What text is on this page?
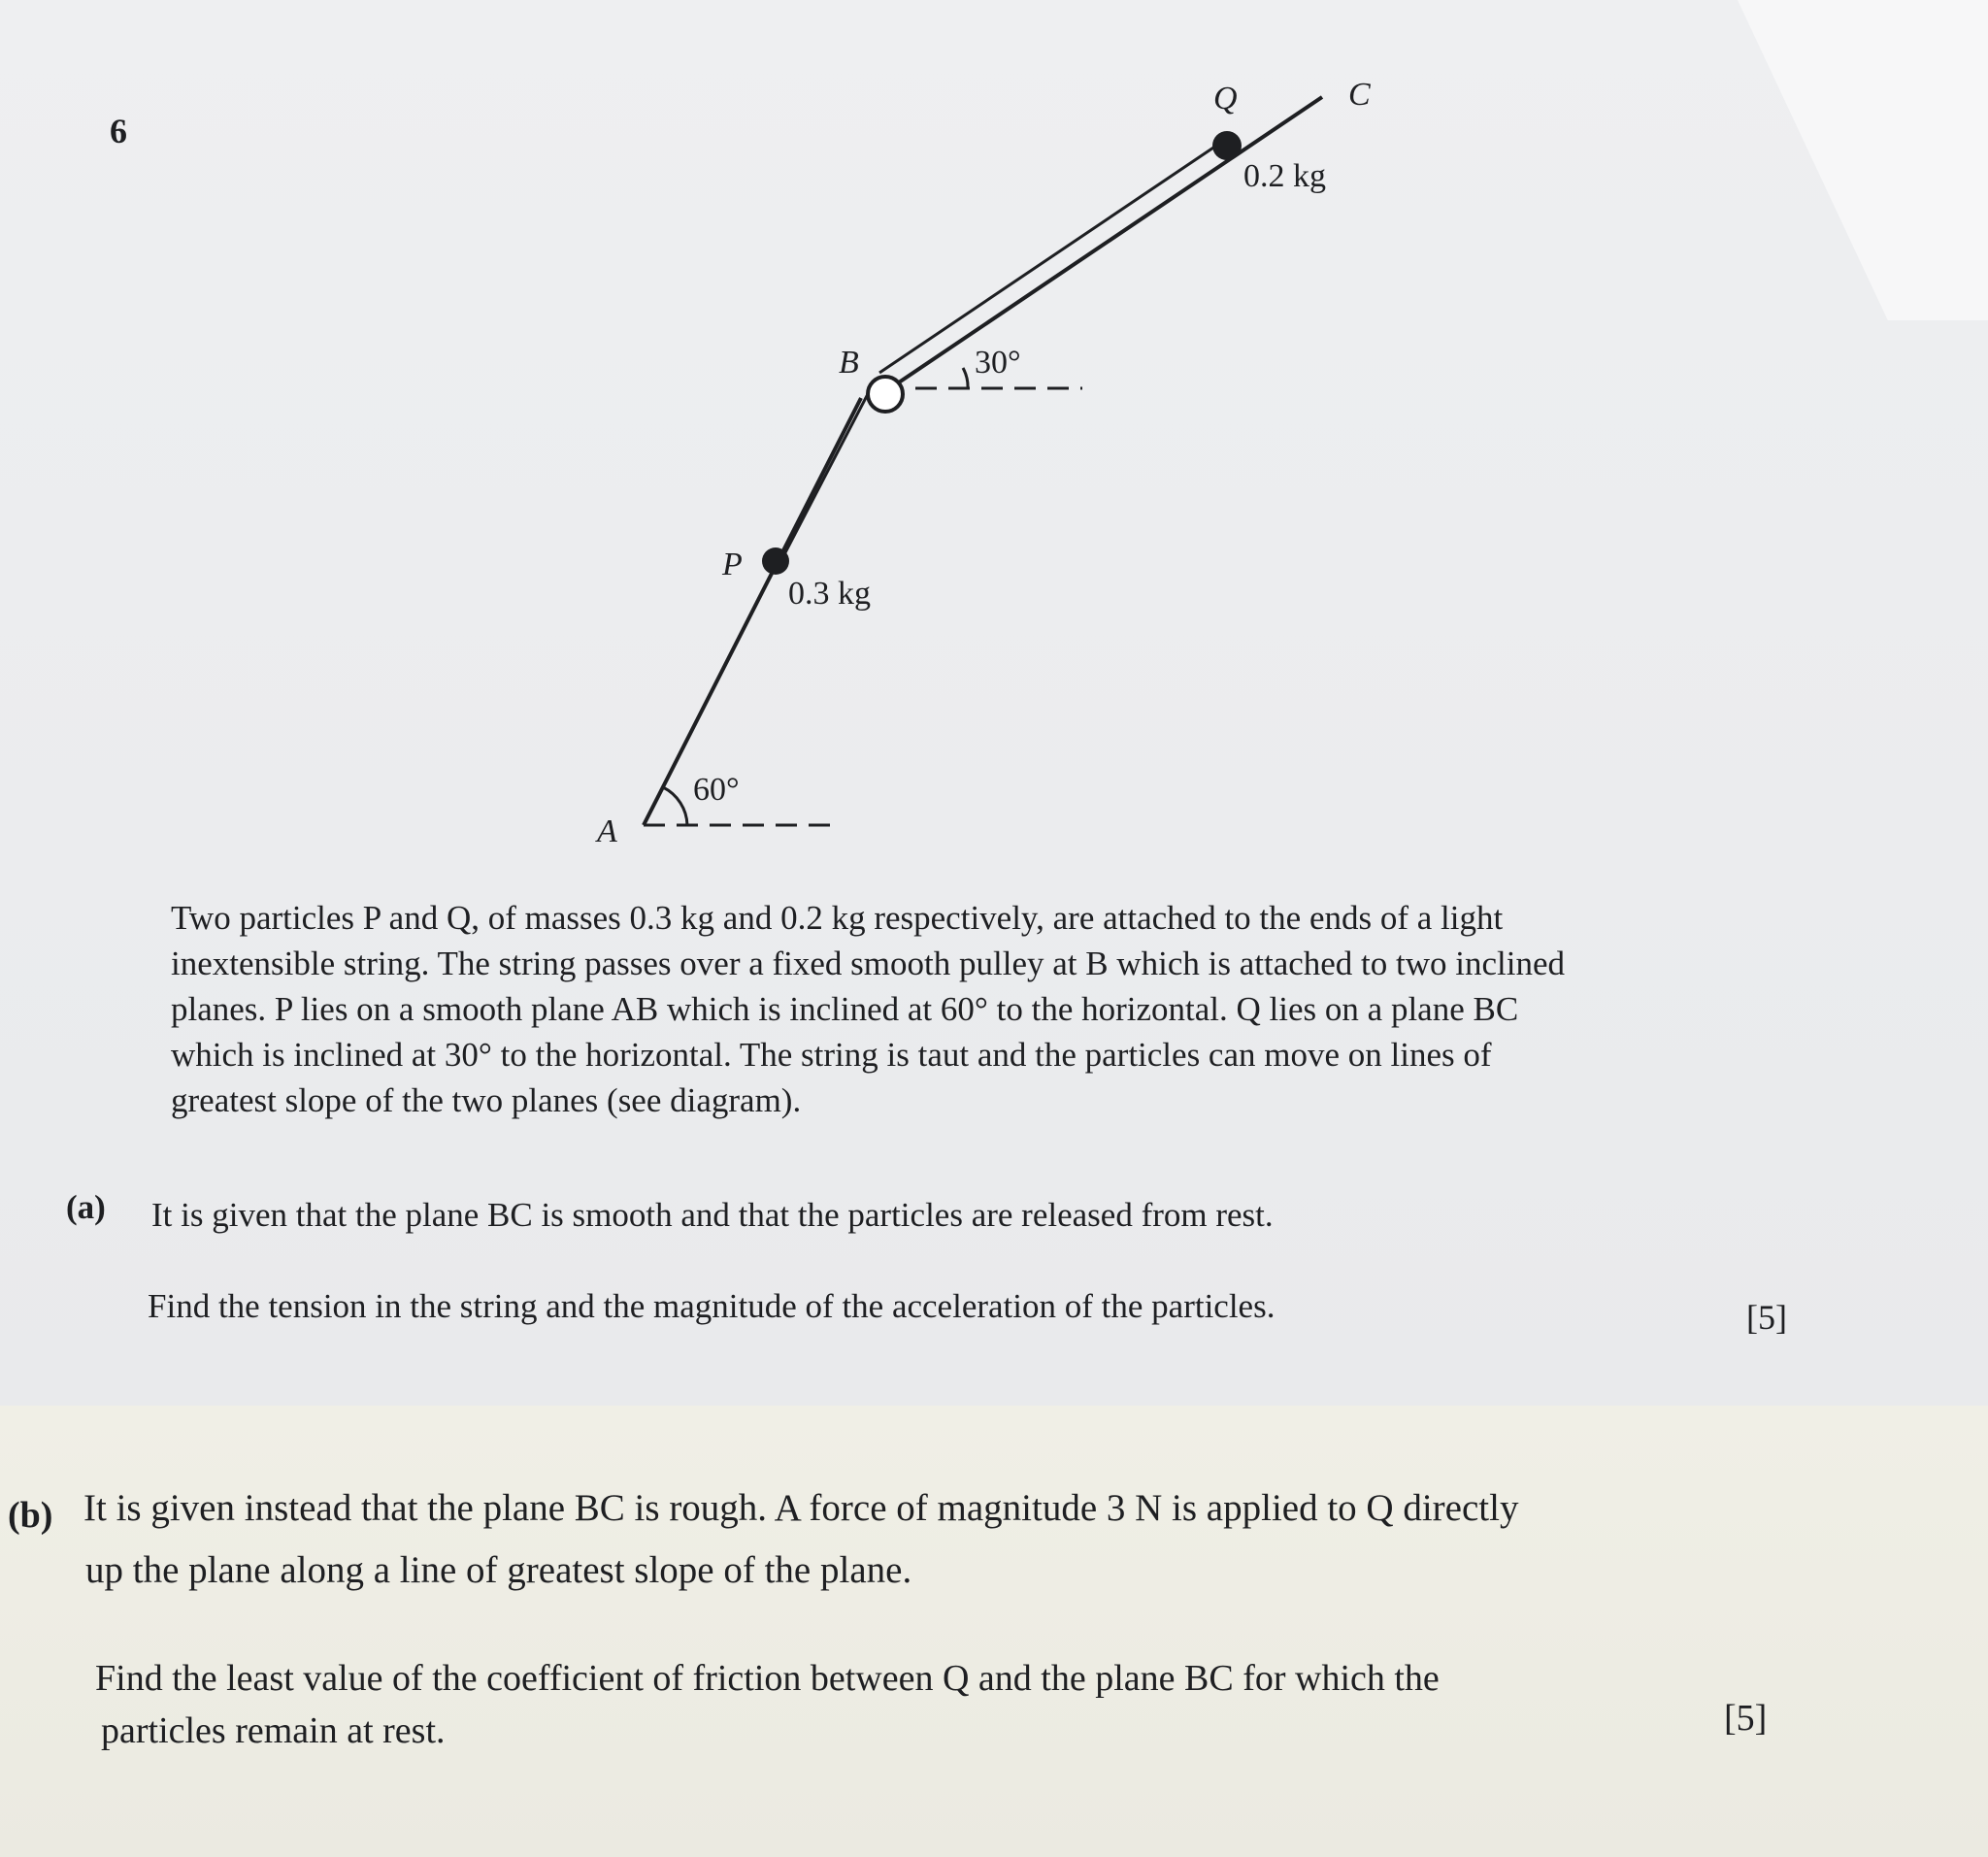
6
A
B
C
P
Q
60°
30°
0.3 kg
0.2 kg
Two particles P and Q, of masses 0.3 kg and 0.2 kg respectively, are attached to the ends of a light
inextensible string. The string passes over a fixed smooth pulley at B which is attached to two inclined
planes. P lies on a smooth plane AB which is inclined at 60° to the horizontal. Q lies on a plane BC
which is inclined at 30° to the horizontal. The string is taut and the particles can move on lines of
greatest slope of the two planes (see diagram).
(a) It is given that the plane BC is smooth and that the particles are released from rest.
Find the tension in the string and the magnitude of the acceleration of the particles.	[5]
(b) It is given instead that the plane BC is rough. A force of magnitude 3 N is applied to Q directly
up the plane along a line of greatest slope of the plane.
Find the least value of the coefficient of friction between Q and the plane BC for which the
particles remain at rest.	[5]
